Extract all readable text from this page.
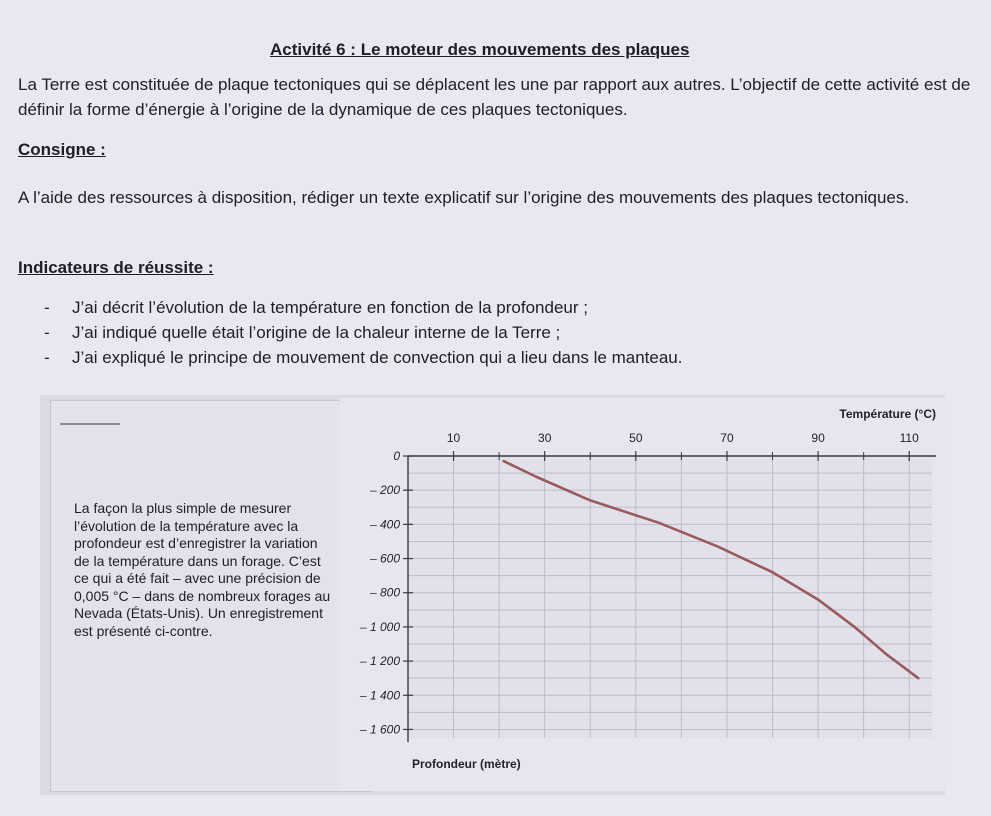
Activité 6 : Le moteur des mouvements des plaques
La Terre est constituée de plaque tectoniques qui se déplacent les une par rapport aux autres. L’objectif de cette activité est de définir la forme d’énergie à l’origine de la dynamique de ces plaques tectoniques.
Consigne :
A l’aide des ressources à disposition, rédiger un texte explicatif sur l’origine des mouvements des plaques tectoniques.
Indicateurs de réussite :
- J’ai décrit l’évolution de la température en fonction de la profondeur ;
- J’ai indiqué quelle était l’origine de la chaleur interne de la Terre ;
- J’ai expliqué le principe de mouvement de convection qui a lieu dans le manteau.
La façon la plus simple de mesurer l’évolution de la température avec la profondeur est d’enregistrer la variation de la température dans un forage. C’est ce qui a été fait – avec une précision de 0,005 °C – dans de nombreux forages au Nevada (États-Unis). Un enregistrement est présenté ci-contre.
10	30	50	70	90	110
0
– 200
– 400
– 600
– 800
– 1 000
– 1 200
– 1 400
– 1 600
Température (°C)
Profondeur (mètre)
